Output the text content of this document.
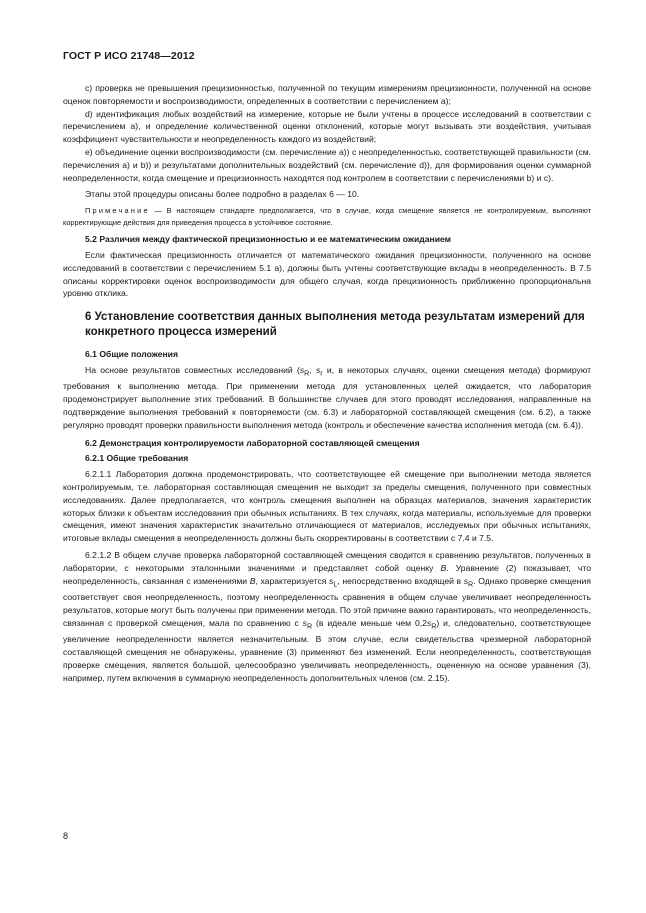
ГОСТ Р ИСО 21748—2012

c) проверка не превышения прецизионностью, полученной по текущим измерениям прецизионности, полученной на основе оценок повторяемости и воспроизводимости, определенных в соответствии с перечислением а);

d) идентификация любых воздействий на измерение, которые не были учтены в процессе исследований в соответствии с перечислением а), и определение количественной оценки отклонений, которые могут вызывать эти воздействия, учитывая коэффициент чувствительности и неопределенность каждого из воздействий;

e) объединение оценки воспроизводимости (см. перечисление а)) с неопределенностью, соответствующей правильности (см. перечисления а) и b)) и результатами дополнительных воздействий (см. перечисление d)), для формирования оценки суммарной неопределенности, когда смещение и прецизионность находятся под контролем в соответствии с перечислениями b) и с).

Этапы этой процедуры описаны более подробно в разделах 6 — 10.

Примечание — В настоящем стандарте предполагается, что в случае, когда смещение является не контролируемым, выполняют корректирующие действия для приведения процесса в устойчивое состояние.

5.2 Различия между фактической прецизионностью и ее математическим ожиданием

Если фактическая прецизионность отличается от математического ожидания прецизионности, полученного на основе исследований в соответствии с перечислением 5.1 а), должны быть учтены соответствующие вклады в неопределенность. В 7.5 описаны корректировки оценок воспроизводимости для общего случая, когда прецизионность приближенно пропорциональна уровню отклика.

6 Установление соответствия данных выполнения метода результатам измерений для конкретного процесса измерений
6.1 Общие положения

На основе результатов совместных исследований ($s_R$, $s_r$ и, в некоторых случаях, оценки смещения метода) формируют требования к выполнению метода. При применении метода для установленных целей ожидается, что лаборатория продемонстрирует выполнение этих требований. В большинстве случаев для этого проводят исследования, направленные на подтверждение выполнения требований к повторяемости (см. 6.3) и лабораторной составляющей смещения (см. 6.2), а также регулярно проводят проверки правильности выполнения метода (контроль и обеспечение качества исполнения метода (см. 6.4)).

6.2 Демонстрация контролируемости лабораторной составляющей смещения
6.2.1 Общие требования

6.2.1.1 Лаборатория должна продемонстрировать, что соответствующее ей смещение при выполнении метода является контролируемым, т.е. лабораторная составляющая смещения не выходит за пределы смещения, полученного при совместных исследованиях. Далее предполагается, что контроль смещения выполнен на образцах материалов, значения характеристик которых близки к объектам исследования при обычных испытаниях. В тех случаях, когда материалы, используемые для проверки смещения, имеют значения характеристик значительно отличающиеся от материалов, исследуемых при обычных испытаниях, итоговые вклады смещения в неопределенность должны быть скорректированы в соответствии с 7.4 и 7.5.

6.2.1.2 В общем случае проверка лабораторной составляющей смещения сводится к сравнению результатов, полученных в лаборатории, с некоторыми эталонными значениями и представляет собой оценку B. Уравнение (2) показывает, что неопределенность, связанная с изменениями B, характеризуется $s_L$, непосредственно входящей в $s_R$. Однако проверке смещения соответствует своя неопределенность, поэтому неопределенность сравнения в общем случае увеличивает неопределенность результатов, которые могут быть получены при применении метода. По этой причине важно гарантировать, что неопределенность, связанная с проверкой смещения, мала по сравнению с $s_R$ (в идеале меньше чем $0,2s_R$) и, следовательно, соответствующее увеличение неопределенности является незначительным. В этом случае, если свидетельства чрезмерной лабораторной составляющей смещения не обнаружены, уравнение (3) применяют без изменений. Если неопределенность, соответствующая проверке смещения, является большой, целесообразно увеличивать неопределенность, оцененную на основе уравнения (3), например, путем включения в суммарную неопределенность дополнительных членов (см. 2.15).

8
